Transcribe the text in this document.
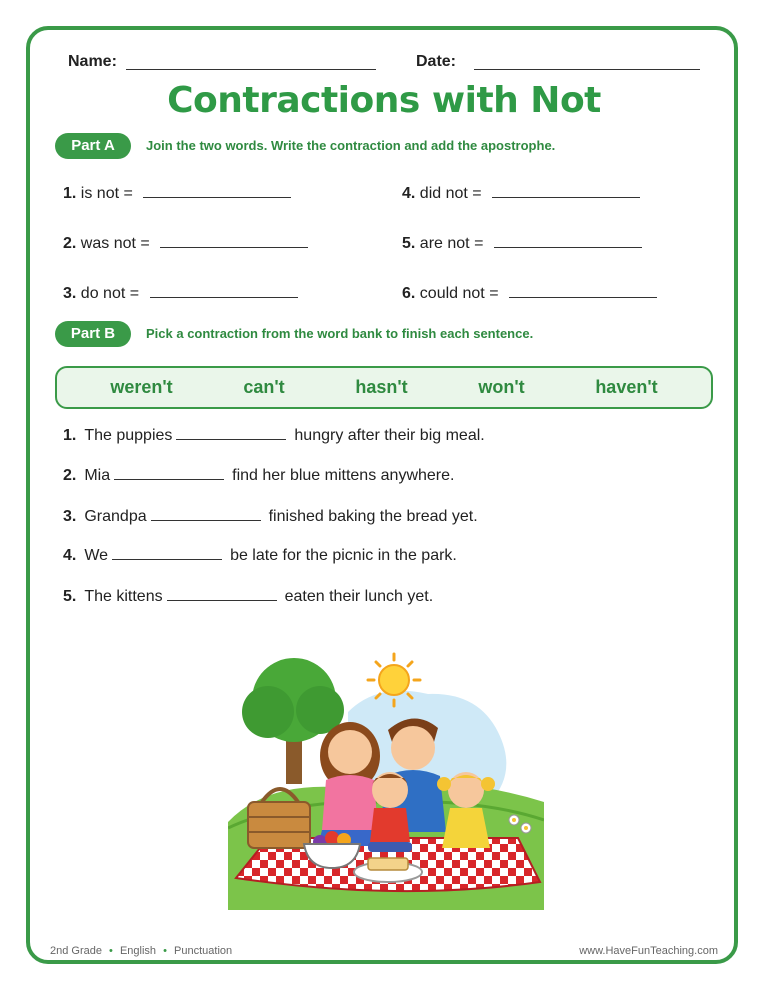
Name:	Date:
Contractions with Not
Part A	Join the two words. Write the contraction and add the apostrophe.
1. is not =
2. was not =
3. do not =
4. did not =
5. are not =
6. could not =
Part B	Pick a contraction from the word bank to finish each sentence.
weren't	can't	hasn't	won't	haven't
1. The puppies	hungry after their big meal.
2. Mia	find her blue mittens anywhere.
3. Grandpa	finished baking the bread yet.
4. We	be late for the picnic in the park.
5. The kittens	eaten their lunch yet.
2nd Grade • English • Punctuation	www.HaveFunTeaching.com
